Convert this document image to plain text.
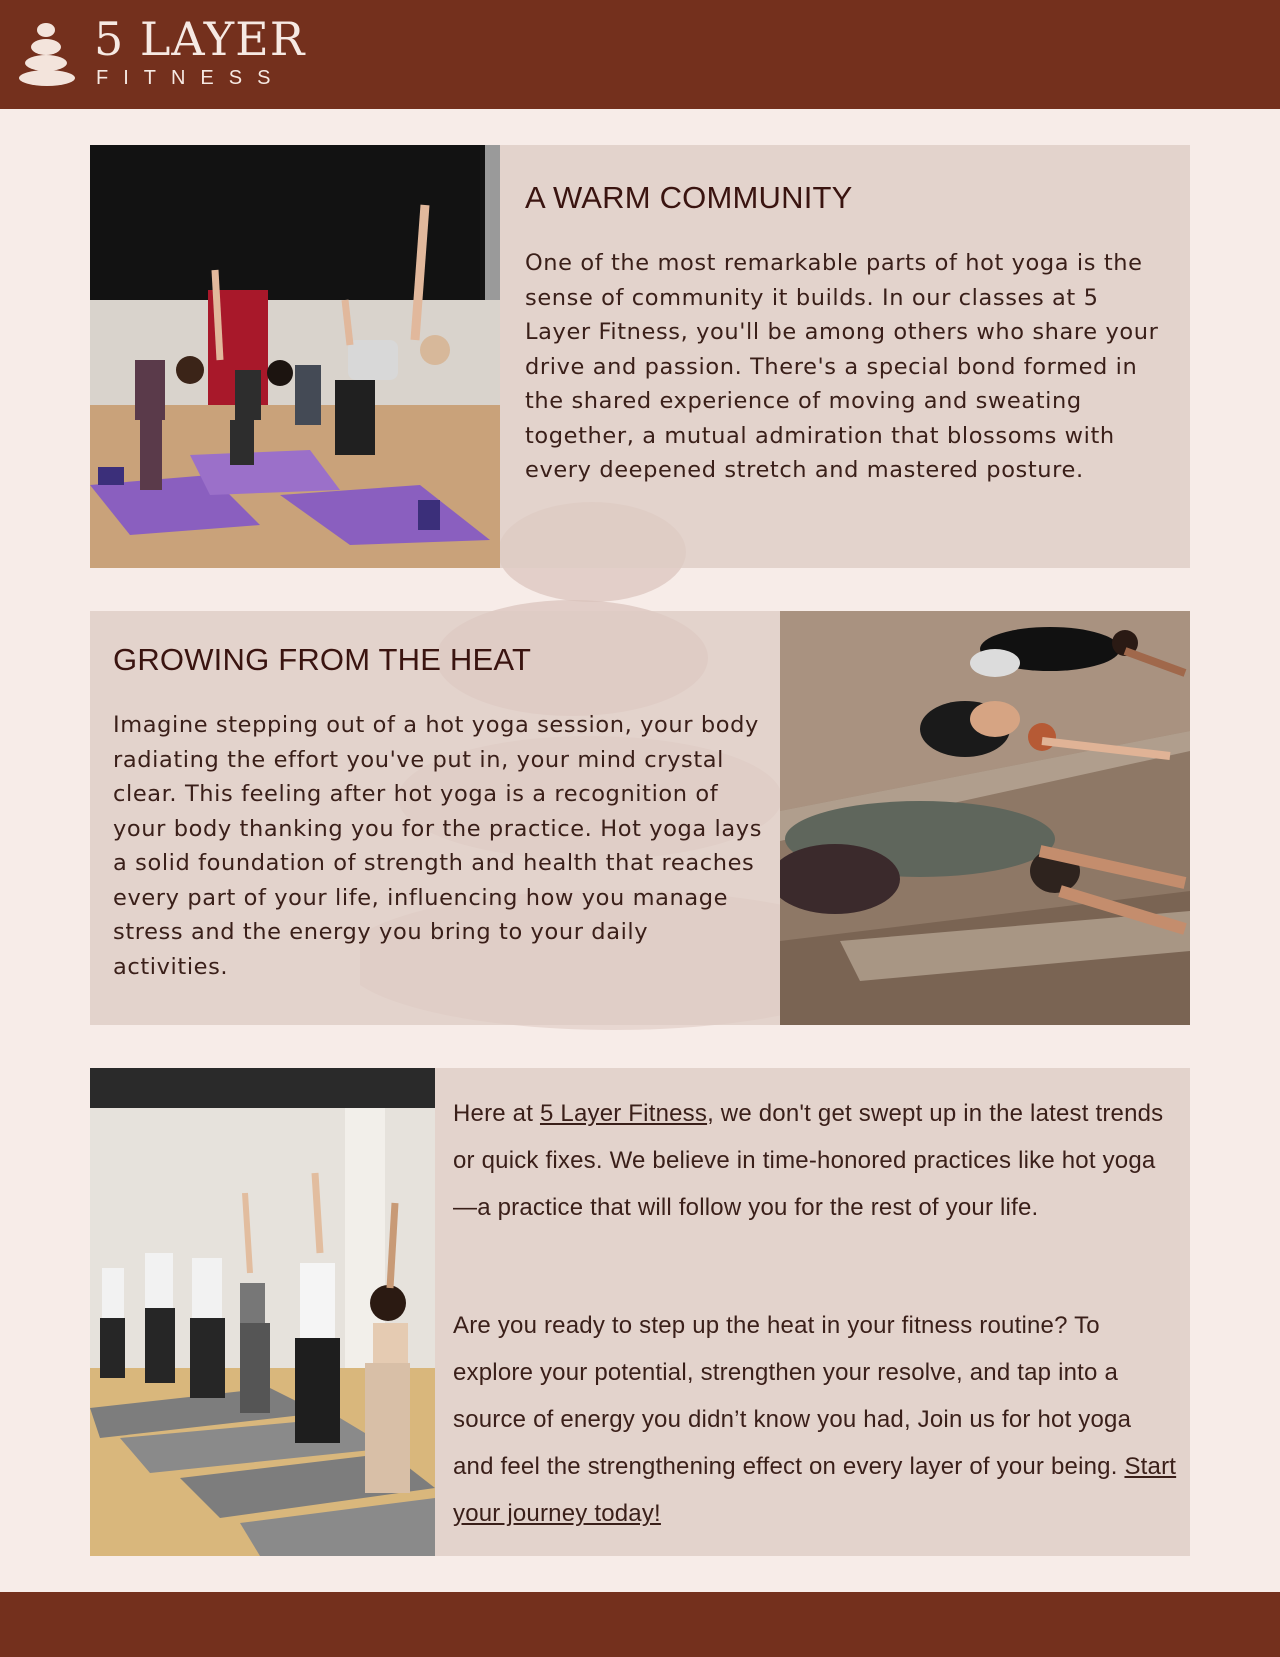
5 LAYER
FITNESS
A WARM COMMUNITY

One of the most remarkable parts of hot yoga is the sense of community it builds. In our classes at 5 Layer Fitness, you'll be among others who share your drive and passion. There's a special bond formed in the shared experience of moving and sweating together, a mutual admiration that blossoms with every deepened stretch and mastered posture.

GROWING FROM THE HEAT

Imagine stepping out of a hot yoga session, your body radiating the effort you've put in, your mind crystal clear. This feeling after hot yoga is a recognition of your body thanking you for the practice. Hot yoga lays a solid foundation of strength and health that reaches every part of your life, influencing how you manage stress and the energy you bring to your daily activities.

Here at 5 Layer Fitness, we don't get swept up in the latest trends or quick fixes. We believe in time-honored practices like hot yoga—a practice that will follow you for the rest of your life.

Are you ready to step up the heat in your fitness routine? To explore your potential, strengthen your resolve, and tap into a source of energy you didn’t know you had, Join us for hot yoga and feel the strengthening effect on every layer of your being. Start your journey today!
